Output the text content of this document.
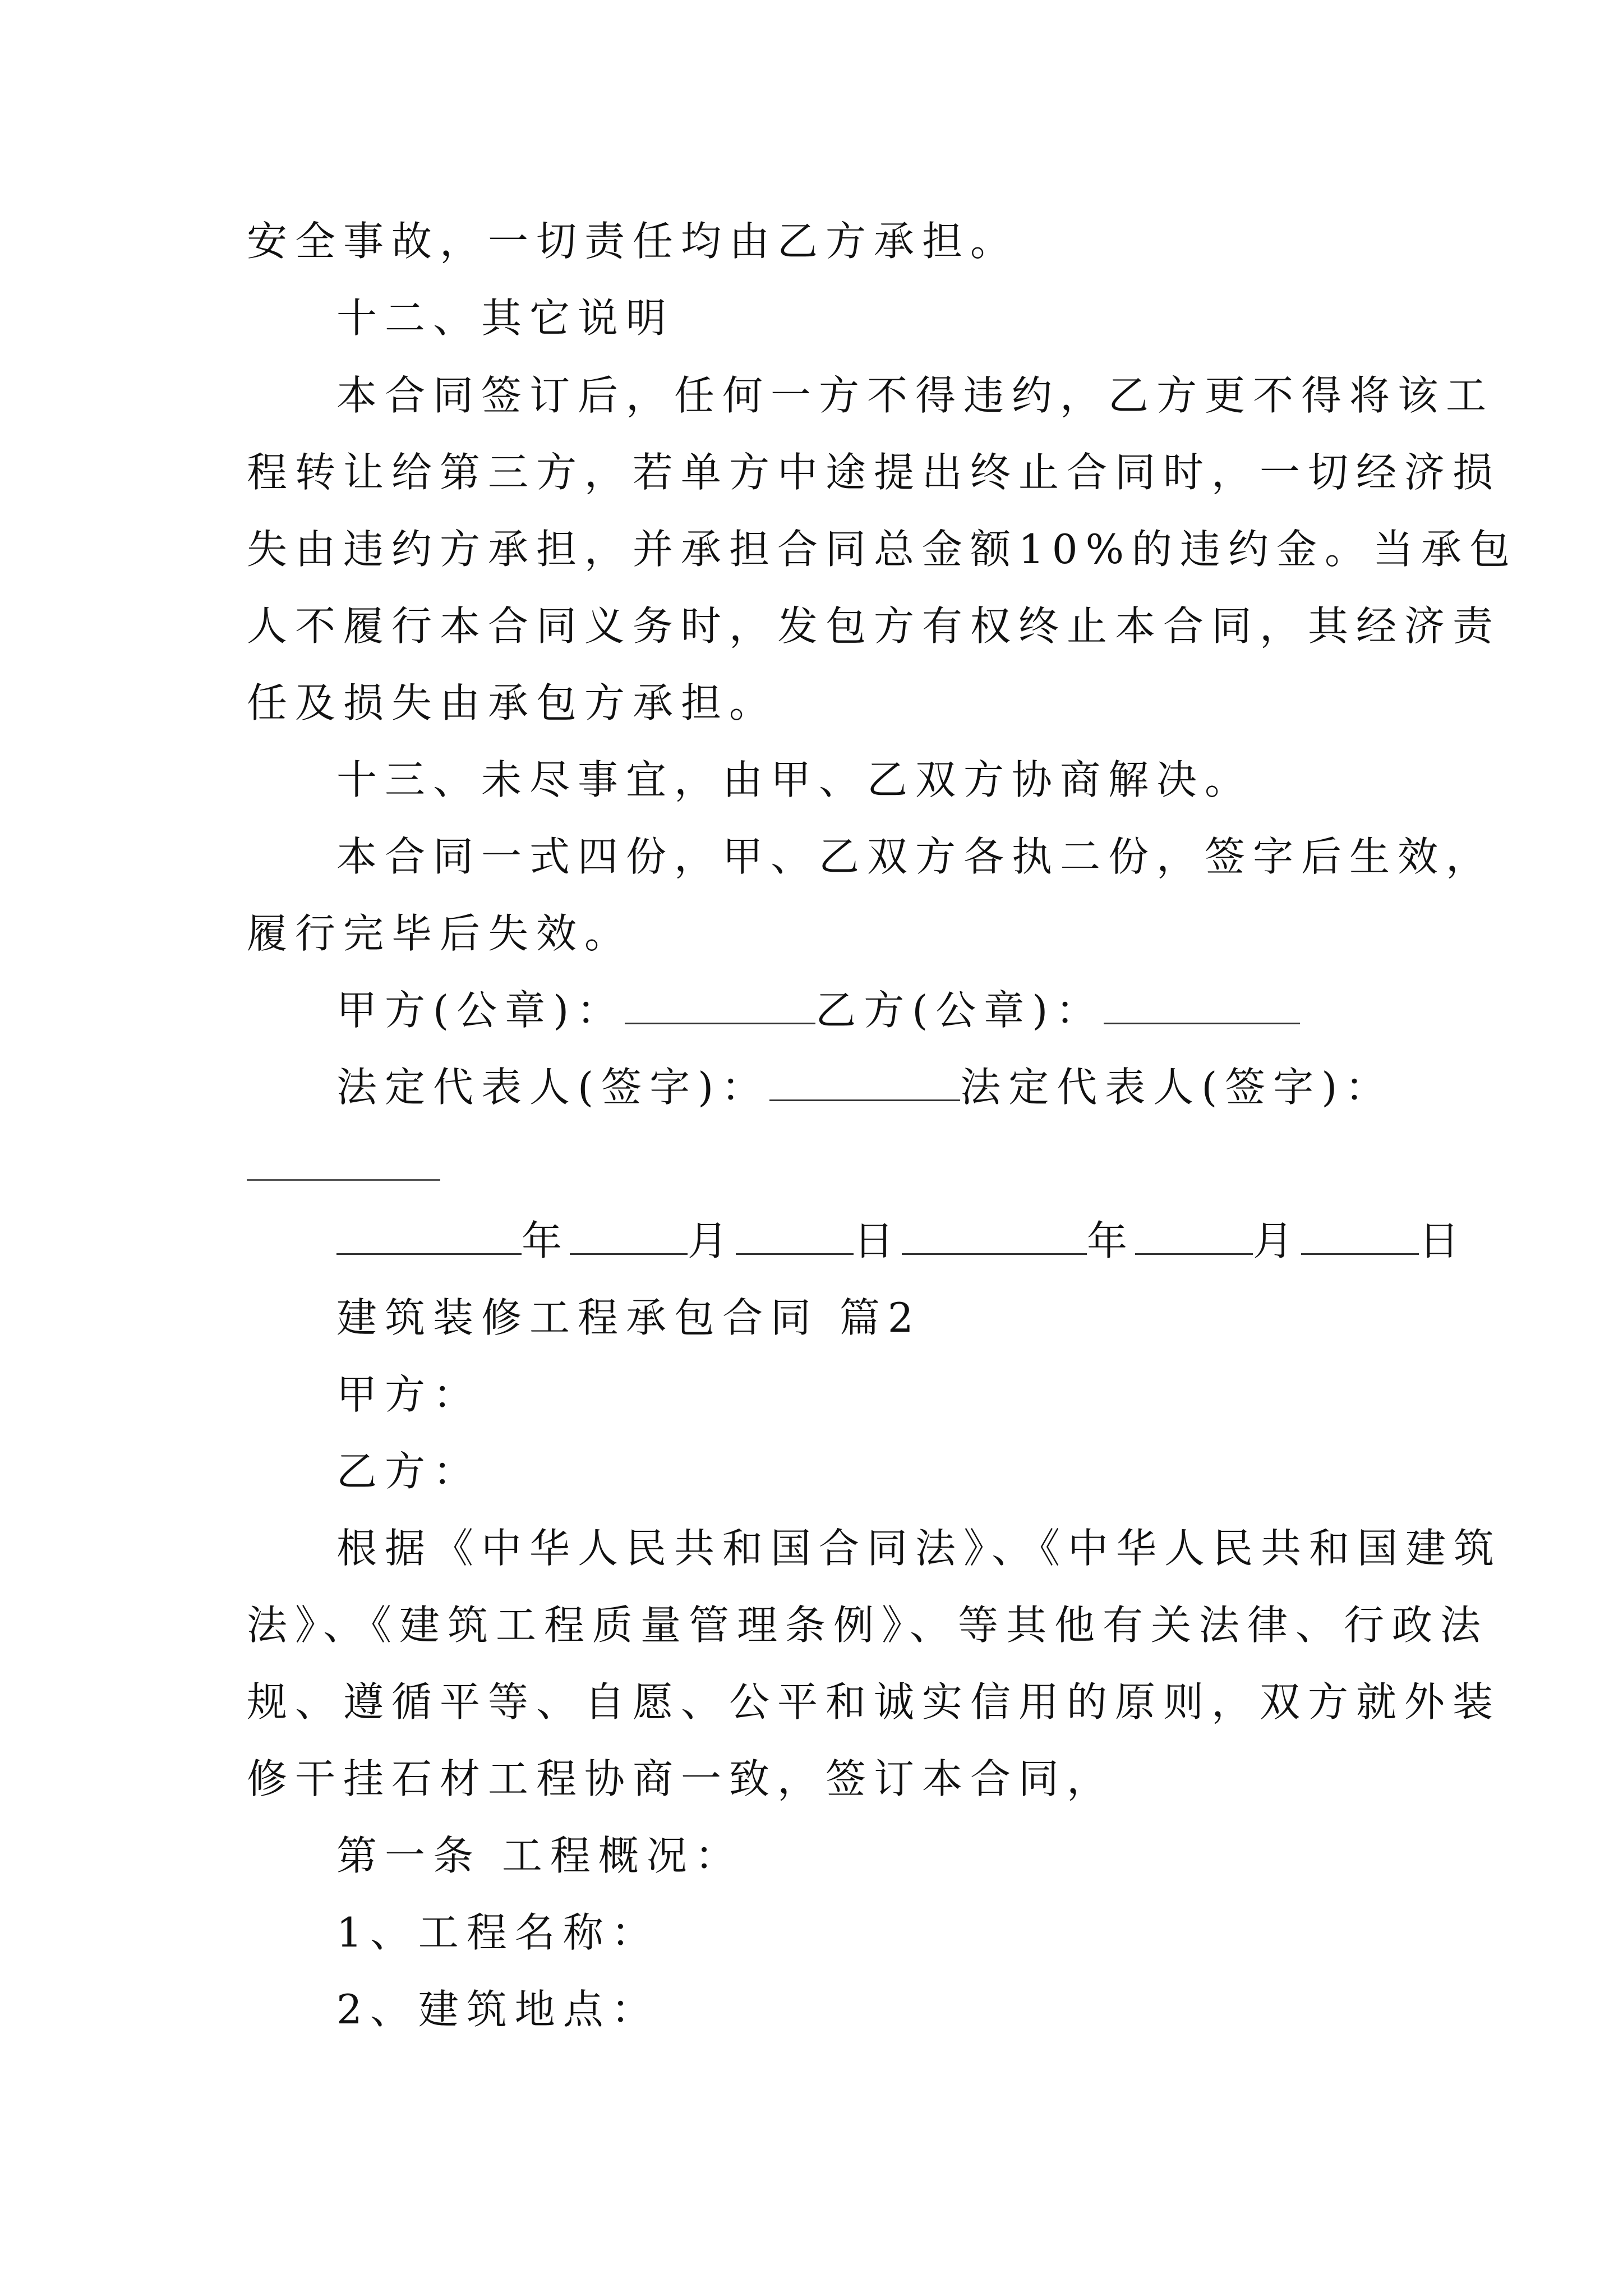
安全事故，一切责任均由乙方承担。
十二、其它说明
本合同签订后，任何一方不得违约，乙方更不得将该工
程转让给第三方，若单方中途提出终止合同时，一切经济损
失由违约方承担，并承担合同总金额10%的违约金。当承包
人不履行本合同义务时，发包方有权终止本合同，其经济责
任及损失由承包方承担。
十三、未尽事宜，由甲、乙双方协商解决。
本合同一式四份，甲、乙双方各执二份，签字后生效，
履行完毕后失效。
甲方(公章)：	乙方(公章)：
法定代表人(签字)：	法定代表人(签字)：
年	月	日	年	月	日
建筑装修工程承包合同 篇2
甲方：
乙方：
根据《中华人民共和国合同法》、《中华人民共和国建筑
法》、《建筑工程质量管理条例》、等其他有关法律、行政法
规、遵循平等、自愿、公平和诚实信用的原则，双方就外装
修干挂石材工程协商一致，签订本合同，
第一条 工程概况：
1、工程名称：
2、建筑地点：
